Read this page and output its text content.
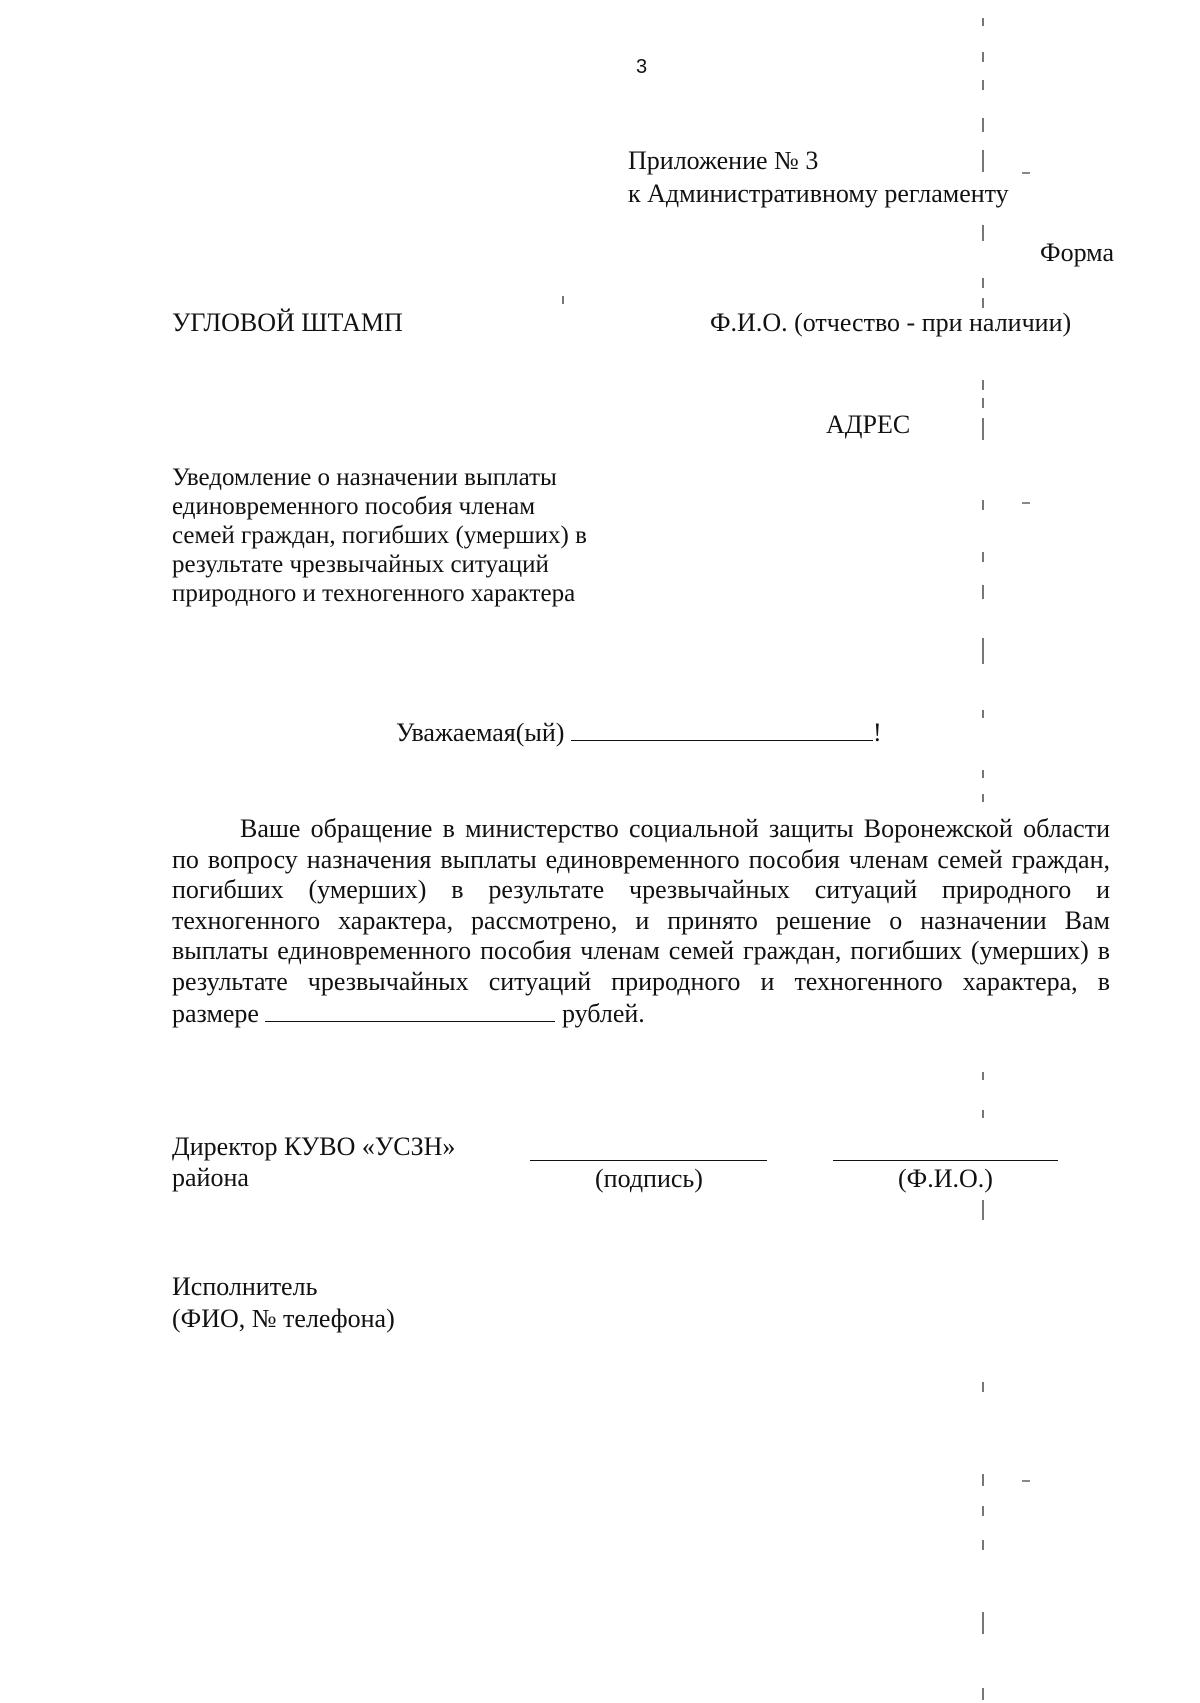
3
Приложение № 3
к Административному регламенту
Форма
УГЛОВОЙ ШТАМП	Ф.И.О. (отчество - при наличии)
АДРЕС
Уведомление о назначении выплаты
единовременного пособия членам
семей граждан, погибших (умерших) в
результате чрезвычайных ситуаций
природного и техногенного характера
Уважаемая(ый)	!
Ваше обращение в министерство социальной защиты Воронежской области
по вопросу назначения выплаты единовременного пособия членам семей граждан,
погибших (умерших) в результате чрезвычайных ситуаций природного и
техногенного характера, рассмотрено, и принято решение о назначении Вам
выплаты единовременного пособия членам семей граждан, погибших (умерших) в
результате чрезвычайных ситуаций природного и техногенного характера, в
размере	рублей.
Директор КУВО «УСЗН»
района	(подпись)	(Ф.И.О.)
Исполнитель
(ФИО, № телефона)
